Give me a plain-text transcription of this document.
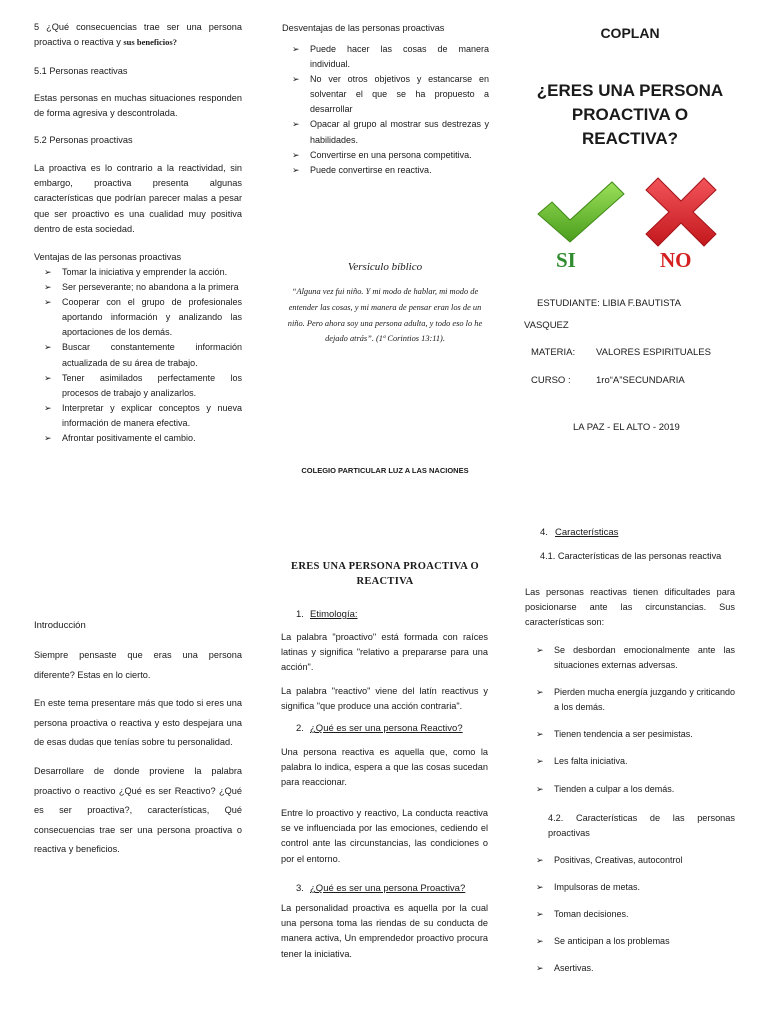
5 ¿Qué consecuencias trae ser una persona proactiva o reactiva y sus beneficios?

5.1 Personas reactivas

Estas personas en muchas situaciones responden de forma agresiva y descontrolada.

5.2 Personas proactivas

La proactiva es lo contrario a la reactividad, sin embargo, proactiva presenta algunas características que podrían parecer malas a pesar que ser proactivo es una cualidad muy positiva dentro de esta sociedad.

Ventajas de las personas proactivas

➢ Tomar la iniciativa y emprender la acción.
➢ Ser perseverante; no abandona a la primera
➢ Cooperar con el grupo de profesionales aportando información y analizando las aportaciones de los demás.
➢ Buscar constantemente información actualizada de su área de trabajo.
➢ Tener asimilados perfectamente los procesos de trabajo y analizarlos.
➢ Interpretar y explicar conceptos y nueva información de manera efectiva.
➢ Afrontar positivamente el cambio.

Desventajas de las personas proactivas

➢ Puede hacer las cosas de manera individual.
➢ No ver otros objetivos y estancarse en solventar el que se ha propuesto a desarrollar
➢ Opacar al grupo al mostrar sus destrezas y habilidades.
➢ Convertirse en una persona competitiva.
➢ Puede convertirse en reactiva.
Versiculo bíblico
“Alguna vez fui niño. Y mi modo de hablar, mi modo de entender las cosas, y mi manera de pensar eran los de un niño. Pero ahora soy una persona adulta, y todo eso lo he dejado atrás”. (1ª Corintios 13:11).
COLEGIO PARTICULAR LUZ A LAS NACIONES
COPLAN
¿ERES UNA PERSONA
PROACTIVA O
REACTIVA?
SI	NO
ESTUDIANTE: LIBIA F.BAUTISTA
VASQUEZ
MATERIA: VALORES ESPIRITUALES
CURSO :	1ro“A”SECUNDARIA
LA PAZ - EL ALTO - 2019
Introducción

Siempre pensaste que eras una persona diferente? Estas en lo cierto.

En este tema presentare más que todo si eres una persona proactiva o reactiva y esto despejara una de esas dudas que tenías sobre tu personalidad.

Desarrollare de donde proviene la palabra proactivo o reactivo ¿Qué es ser Reactivo? ¿Qué es ser proactiva?, características, Qué consecuencias trae ser una persona proactiva o reactiva y beneficios.

ERES UNA PERSONA PROACTIVA O REACTIVA
1. Etimología:

La palabra "proactivo" está formada con raíces latinas y significa "relativo a prepararse para una acción".

La palabra "reactivo" viene del latín reactivus y significa "que produce una acción contraria".

2. ¿Qué es ser una persona Reactivo?

Una persona reactiva es aquella que, como la palabra lo indica, espera a que las cosas sucedan para reaccionar.

Entre lo proactivo y reactivo, La conducta reactiva se ve influenciada por las emociones, cediendo el control ante las circunstancias, las condiciones o por el entorno.

3. ¿Qué es ser una persona Proactiva?

La personalidad proactiva es aquella por la cual una persona toma las riendas de su conducta de manera activa, Un emprendedor proactivo procura tener la iniciativa.

4. Características

4.1. Características de las personas reactiva

Las personas reactivas tienen dificultades para posicionarse ante las circunstancias. Sus características son:

➢ Se desbordan emocionalmente ante las situaciones externas adversas.
➢ Pierden mucha energía juzgando y criticando a los demás.
➢ Tienen tendencia a ser pesimistas.
➢ Les falta iniciativa.
➢ Tienden a culpar a los demás.

4.2. Características de las personas proactivas

➢ Positivas, Creativas, autocontrol
➢ Impulsoras de metas.
➢ Toman decisiones.
➢ Se anticipan a los problemas
➢ Asertivas.
